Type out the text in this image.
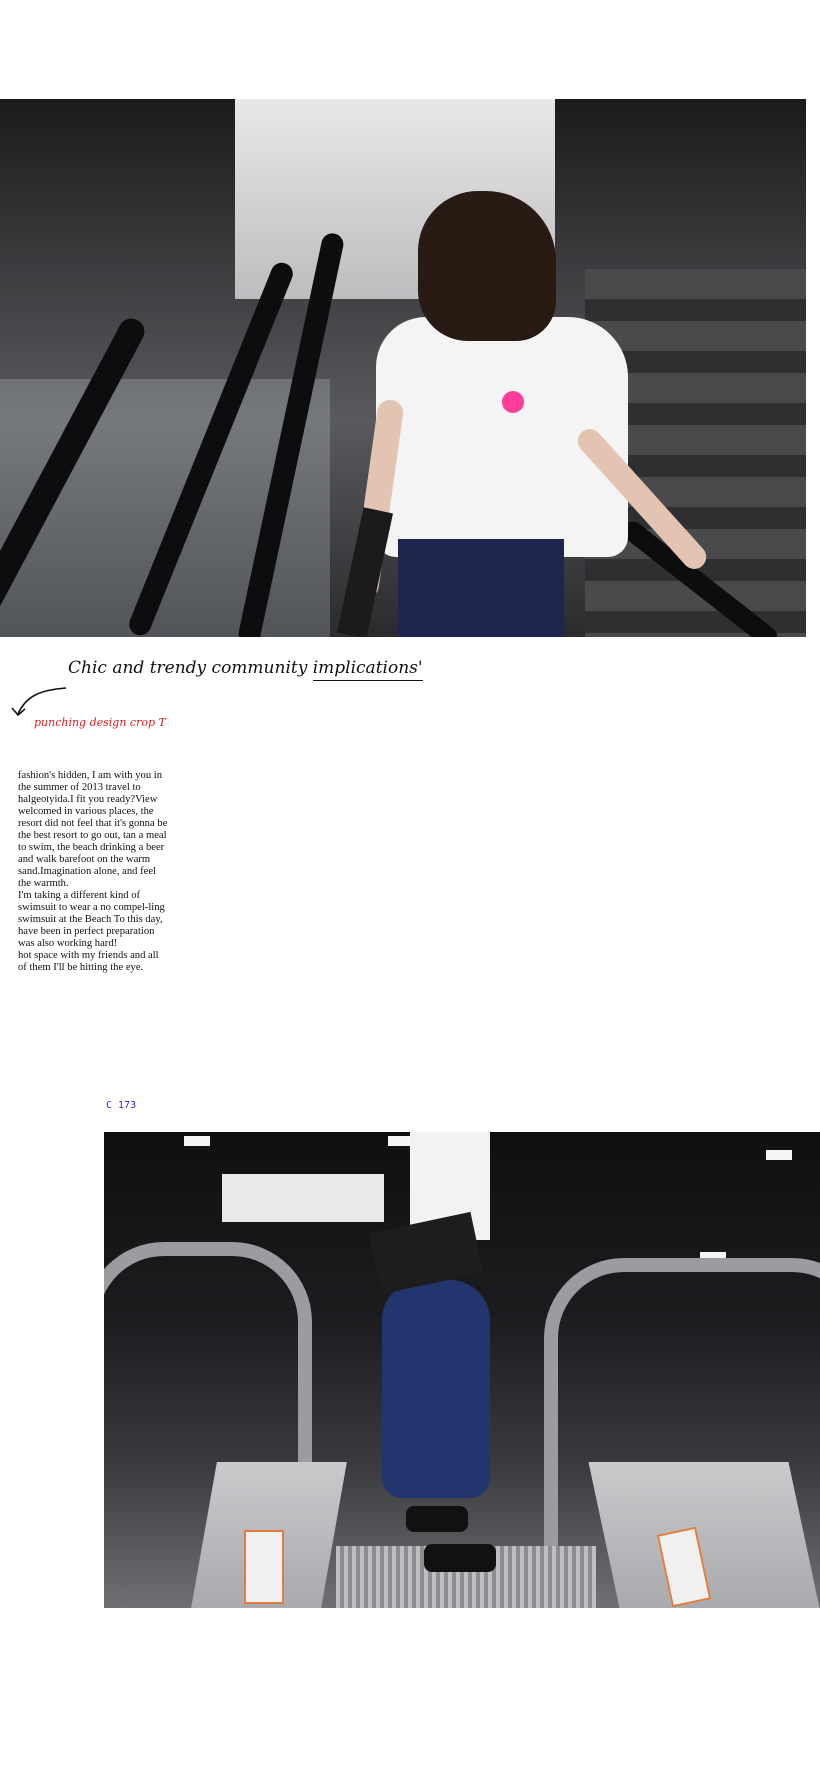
Chic and trendy community implications'
punching design crop T

fashion's hidden, I am with you in the summer of 2013 travel to halgeotyida.I fit you ready?View welcomed in various places, the resort did not feel that it's gonna be the best resort to go out, tan a meal to swim, the beach drinking a beer and walk barefoot on the warm sand.Imagination alone, and feel the warmth.

I'm taking a different kind of swimsuit to wear a no compel-ling swimsuit at the Beach To this day, have been in perfect preparation was also working hard!

hot space with my friends and all of them I'll be hitting the eye.

C 173
